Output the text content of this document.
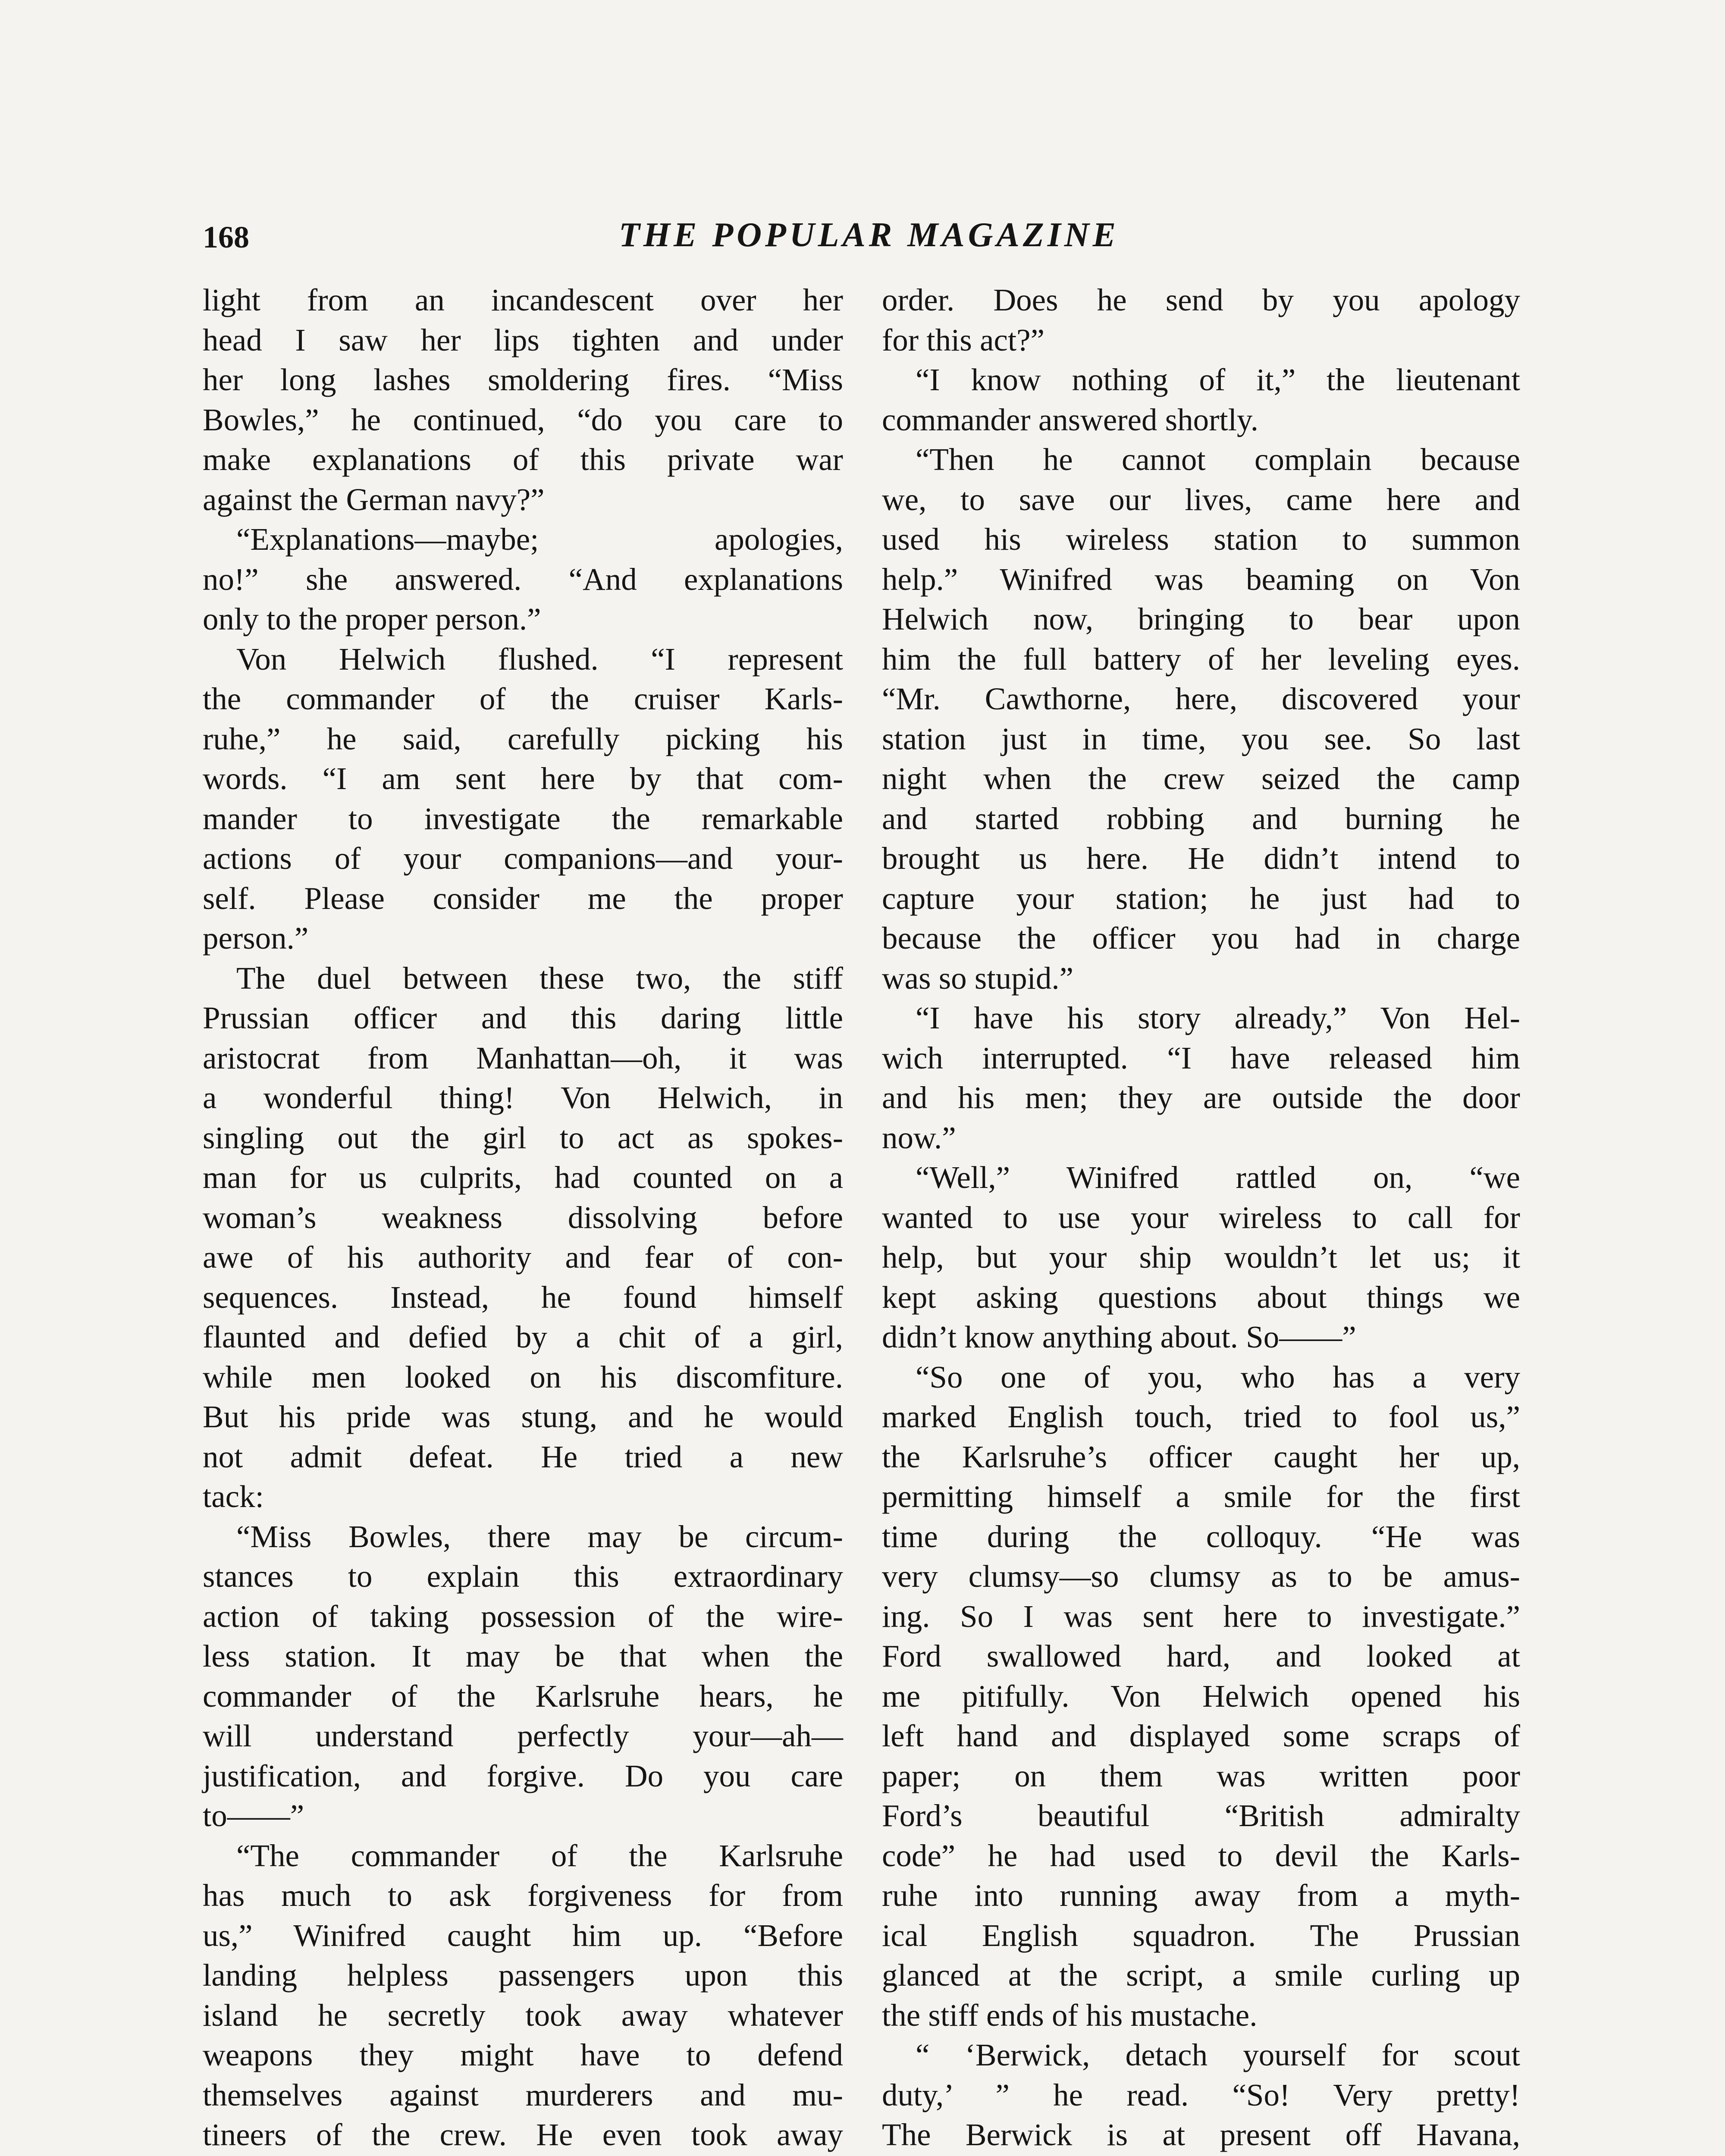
168	THE POPULAR MAGAZINE
light from an incandescent over her
head I saw her lips tighten and under
her long lashes smoldering fires. “Miss
Bowles,” he continued, “do you care to
make explanations of this private war
against the German navy?”
“Explanations—maybe; apologies,
no!” she answered. “And explanations
only to the proper person.”
Von Helwich flushed. “I represent
the commander of the cruiser Karls-
ruhe,” he said, carefully picking his
words. “I am sent here by that com-
mander to investigate the remarkable
actions of your companions—and your-
self. Please consider me the proper
person.”
The duel between these two, the stiff
Prussian officer and this daring little
aristocrat from Manhattan—oh, it was
a wonderful thing! Von Helwich, in
singling out the girl to act as spokes-
man for us culprits, had counted on a
woman’s weakness dissolving before
awe of his authority and fear of con-
sequences. Instead, he found himself
flaunted and defied by a chit of a girl,
while men looked on his discomfiture.
But his pride was stung, and he would
not admit defeat. He tried a new
tack:
“Miss Bowles, there may be circum-
stances to explain this extraordinary
action of taking possession of the wire-
less station. It may be that when the
commander of the Karlsruhe hears, he
will understand perfectly your—ah—
justification, and forgive. Do you care
to——”
“The commander of the Karlsruhe
has much to ask forgiveness for from
us,” Winifred caught him up. “Before
landing helpless passengers upon this
island he secretly took away whatever
weapons they might have to defend
themselves against murderers and mu-
tineers of the crew. He even took away
order. Does he send by you apology
for this act?”
“I know nothing of it,” the lieutenant
commander answered shortly.
“Then he cannot complain because
we, to save our lives, came here and
used his wireless station to summon
help.” Winifred was beaming on Von
Helwich now, bringing to bear upon
him the full battery of her leveling eyes.
“Mr. Cawthorne, here, discovered your
station just in time, you see. So last
night when the crew seized the camp
and started robbing and burning he
brought us here. He didn’t intend to
capture your station; he just had to
because the officer you had in charge
was so stupid.”
“I have his story already,” Von Hel-
wich interrupted. “I have released him
and his men; they are outside the door
now.”
“Well,” Winifred rattled on, “we
wanted to use your wireless to call for
help, but your ship wouldn’t let us; it
kept asking questions about things we
didn’t know anything about. So——”
“So one of you, who has a very
marked English touch, tried to fool us,”
the Karlsruhe’s officer caught her up,
permitting himself a smile for the first
time during the colloquy. “He was
very clumsy—so clumsy as to be amus-
ing. So I was sent here to investigate.”
Ford swallowed hard, and looked at
me pitifully. Von Helwich opened his
left hand and displayed some scraps of
paper; on them was written poor
Ford’s beautiful “British admiralty
code” he had used to devil the Karls-
ruhe into running away from a myth-
ical English squadron. The Prussian
glanced at the script, a smile curling up
the stiff ends of his mustache.
“ ‘Berwick, detach yourself for scout
duty,’ ” he read. “So! Very pretty!
The Berwick is at present off Havana,
